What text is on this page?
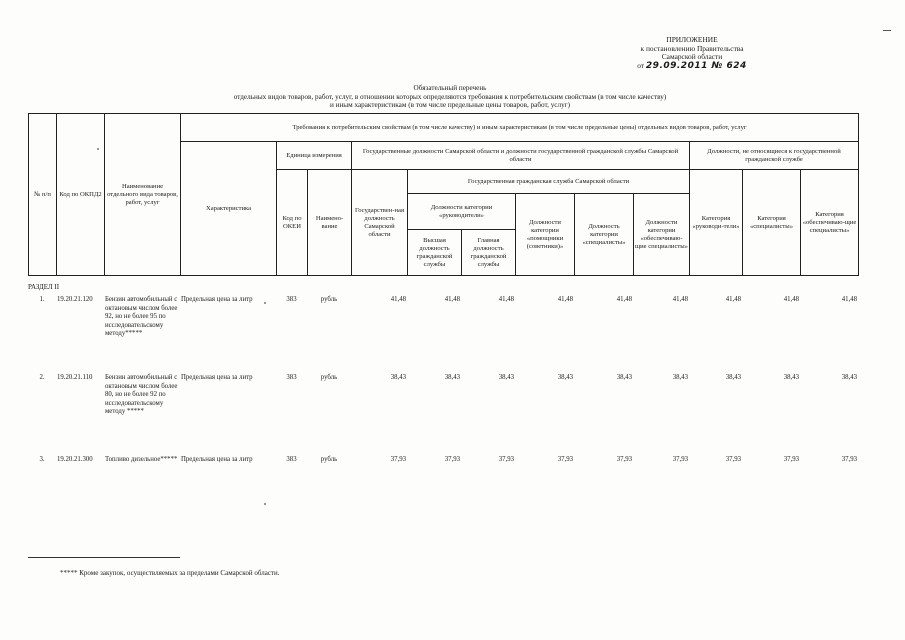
ПРИЛОЖЕНИЕ
к постановлению Правительства
Самарской области
от 29.09.2011 № 624
Обязательный перечень
отдельных видов товаров, работ, услуг, в отношении которых определяются требования к потребительским свойствам (в том числе качеству)
и иным характеристикам (в том числе предельные цены товаров, работ, услуг)
№ п/п	Код по ОКПД2	Наименование отдельного вида товаров, работ, услуг	Требования к потребительским свойствам (в том числе качеству) и иным характеристикам (в том числе предельные цены) отдельных видов товаров, работ, услуг											
			Характеристика	Единица измерения		Государственные должности Самарской области и должности государственной гражданской службы Самарской области						Должности, не относящиеся к государственной гражданской службе		
				Код по ОКЕИ	Наимено-вание	Государствен-ная должность Самарской области	Государственная гражданская служба Самарской области					Категория «руководи-тели»	Категория «специалисты»	Категория «обеспечиваю-щие специалисты»
							Должности категории «руководители»		Должности категории «помощники (советники)»	Должность категории «специалисты»	Должности категории «обеспечиваю-щие специалисты»			
							Высшая должность гражданской службы	Главная должность гражданской службы						
РАЗДЕЛ II
1.	19.20.21.120	Бензин автомобильный с октановым числом более 92, но не более 95 по исследовательскому методу*****	Предельная цена за литр	383	рубль	41,48	41,48	41,48	41,48	41,48	41,48	41,48	41,48	41,48
2.	19.20.21.110	Бензин автомобильный с октановым числом более 80, но не более 92 по исследовательскому методу *****	Предельная цена за литр	383	рубль	38,43	38,43	38,43	38,43	38,43	38,43	38,43	38,43	38,43
3.	19.20.21.300	Топливо дизельное*****	Предельная цена за литр	383	рубль	37,93	37,93	37,93	37,93	37,93	37,93	37,93	37,93	37,93
***** Кроме закупок, осуществляемых за пределами Самарской области.
